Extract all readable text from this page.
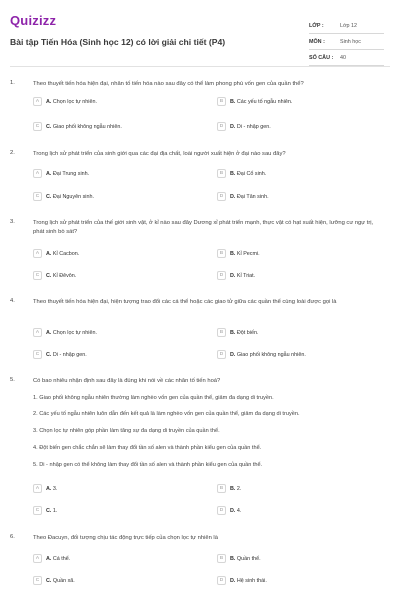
Quizizz
Bài tập Tiến Hóa (Sinh học 12) có lời giải chi tiết (P4)
LỚP :	Lớp 12
MÔN :	Sinh học
SỐ CÂU :	40
1.	Theo thuyết tiến hóa hiện đại, nhân tố tiến hóa nào sau đây có thể làm phong phú vốn gen của quần thể?
A	A. Chọn lọc tự nhiên.	B	B. Các yếu tố ngẫu nhiên.
C	C. Giao phối không ngẫu nhiên.	D	D. Di - nhập gen.
2.	Trong lịch sử phát triển của sinh giới qua các đại địa chất, loài người xuất hiện ở đại nào sau đây?
A	A. Đại Trung sinh.	B	B. Đại Cổ sinh.
C	C. Đại Nguyên sinh.	D	D. Đại Tân sinh.
3.	Trong lịch sử phát triển của thế giới sinh vật, ở kỉ nào sau đây Dương xỉ phát triển mạnh, thực vật có hạt xuất hiện, lưỡng cư ngự trị, phát sinh bò sát?
A	A. Kỉ Cacbon.	B	B. Kỉ Pecmi.
C	C. Kỉ Đêvôn.	D	D. Kỉ Triat.
4.	Theo thuyết tiến hóa hiện đại, hiện tượng trao đổi các cá thể hoặc các giao tử giữa các quần thể cùng loài được gọi là
A	A. Chọn lọc tự nhiên.	B	B. Đột biến.
C	C. Di - nhập gen.	D	D. Giao phối không ngẫu nhiên.
5.	Có bao nhiêu nhận định sau đây là đúng khi nói về các nhân tố tiến hoá?
1. Giao phối không ngẫu nhiên thường làm nghèo vốn gen của quần thể, giảm đa dạng di truyền.
2. Các yếu tố ngẫu nhiên luôn dẫn đến kết quả là làm nghèo vốn gen của quần thể, giảm đa dạng di truyền.
3. Chọn lọc tự nhiên góp phần làm tăng sự đa dạng di truyền của quần thể.
4. Đột biến gen chắc chắn sẽ làm thay đổi tần số alen và thành phần kiểu gen của quần thể.
5. Di - nhập gen có thể không làm thay đổi tần số alen và thành phần kiểu gen của quần thể.
A	A. 3.	B	B. 2.
C	C. 1.	D	D. 4.
6.	Theo Đacuyn, đối tượng chịu tác động trực tiếp của chọn lọc tự nhiên là
A	A. Cá thể.	B	B. Quần thể.
C	C. Quần xã.	D	D. Hệ sinh thái.
